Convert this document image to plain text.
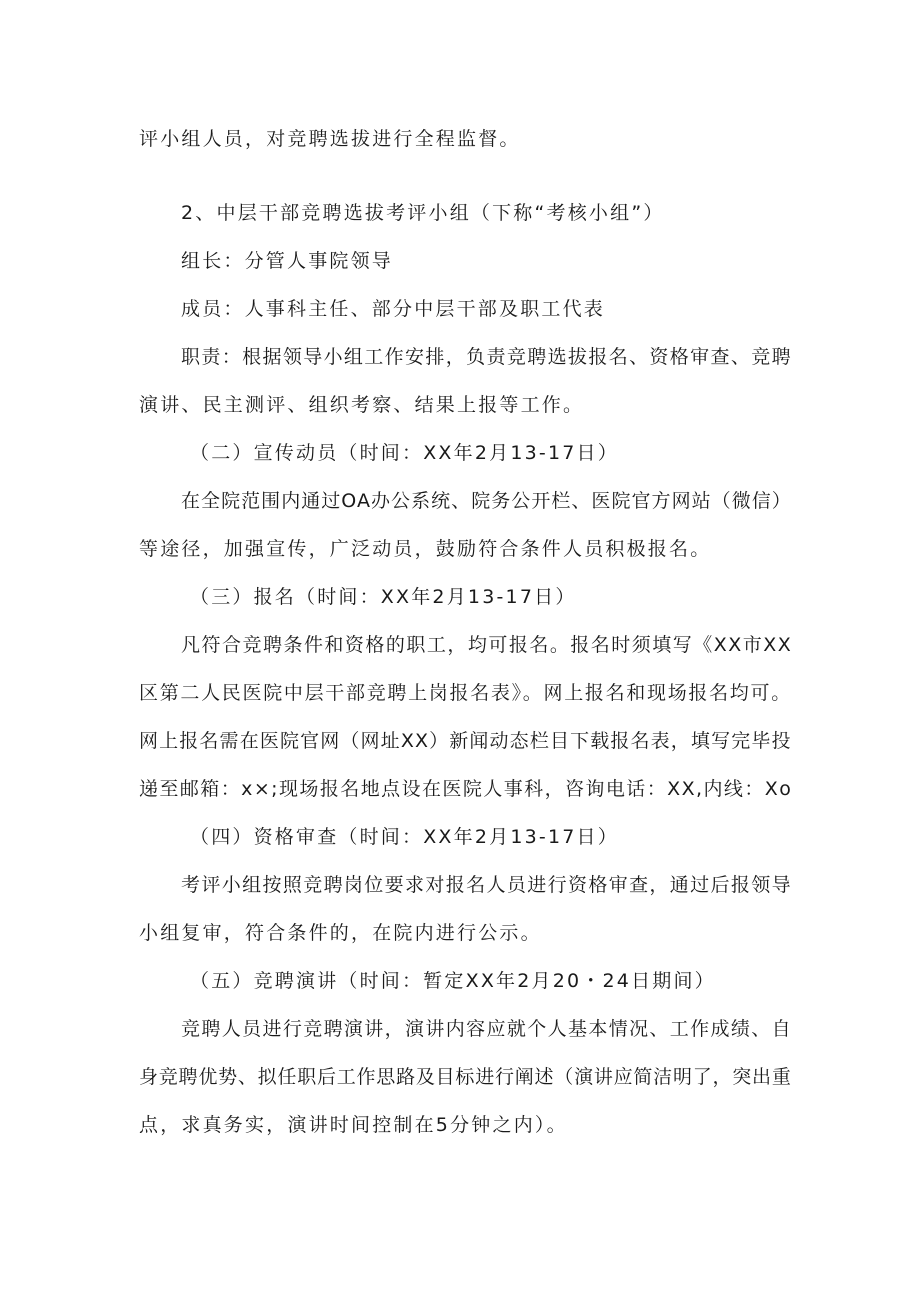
评小组人员，对竞聘选拔进行全程监督。
2、中层干部竞聘选拔考评小组（下称“考核小组”）
组长：分管人事院领导
成员：人事科主任、部分中层干部及职工代表
职责：根据领导小组工作安排，负责竞聘选拔报名、资格审查、竞聘
演讲、民主测评、组织考察、结果上报等工作。
（二）宣传动员（时间：XX年2月13-17日）
在全院范围内通过OA办公系统、院务公开栏、医院官方网站（微信）
等途径，加强宣传，广泛动员，鼓励符合条件人员积极报名。
（三）报名（时间：XX年2月13-17日）
凡符合竞聘条件和资格的职工，均可报名。报名时须填写《XX市XX
区第二人民医院中层干部竞聘上岗报名表》。网上报名和现场报名均可。
网上报名需在医院官网（网址XX）新闻动态栏目下载报名表，填写完毕投
递至邮箱：x×;现场报名地点设在医院人事科，咨询电话：XX,内线：Xo
（四）资格审查（时间：XX年2月13-17日）
考评小组按照竞聘岗位要求对报名人员进行资格审查，通过后报领导
小组复审，符合条件的，在院内进行公示。
（五）竞聘演讲（时间：暂定XX年2月20・24日期间）
竞聘人员进行竞聘演讲，演讲内容应就个人基本情况、工作成绩、自
身竞聘优势、拟任职后工作思路及目标进行阐述（演讲应简洁明了，突出重
点，求真务实，演讲时间控制在5分钟之内）。
